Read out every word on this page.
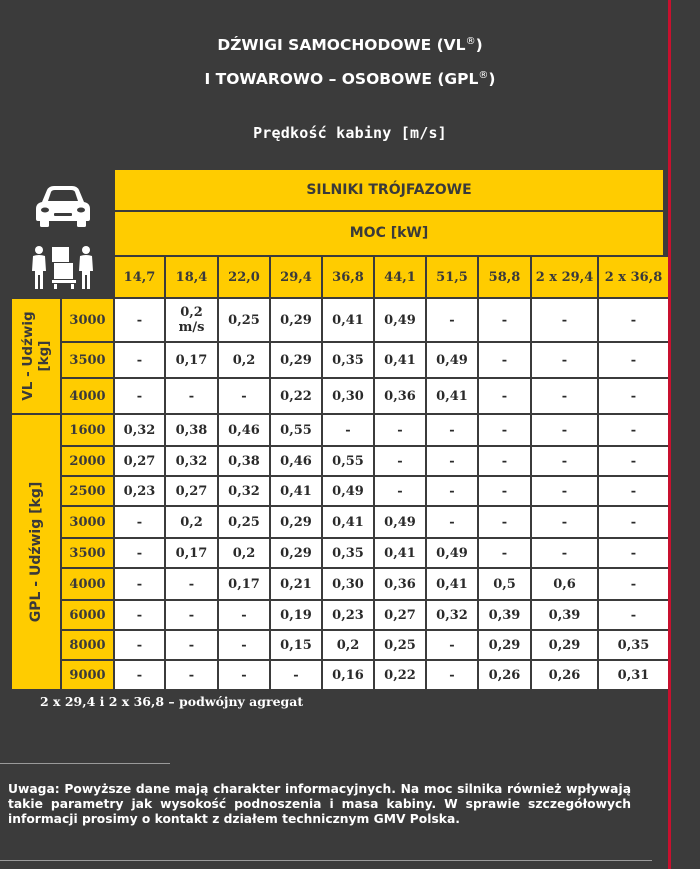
DŹWIGI SAMOCHODOWE (VL®)
I TOWAROWO – OSOBOWE (GPL®)
Prędkość kabiny [m/s]
SILNIKI TRÓJFAZOWE
MOC [kW]
		14,7	18,4	22,0	29,4	36,8	44,1	51,5	58,8	2 x 29,4	2 x 36,8

VL - Udźwig [kg]	3000	-	0,2 m/s	0,25	0,29	0,41	0,49	-	-	-	-
	3500	-	0,17	0,2	0,29	0,35	0,41	0,49	-	-	-
	4000	-	-	-	0,22	0,30	0,36	0,41	-	-	-

GPL - Udźwig [kg]	1600	0,32	0,38	0,46	0,55	-	-	-	-	-	-
	2000	0,27	0,32	0,38	0,46	0,55	-	-	-	-	-
	2500	0,23	0,27	0,32	0,41	0,49	-	-	-	-	-
	3000	-	0,2	0,25	0,29	0,41	0,49	-	-	-	-
	3500	-	0,17	0,2	0,29	0,35	0,41	0,49	-	-	-
	4000	-	-	0,17	0,21	0,30	0,36	0,41	0,5	0,6	-
	6000	-	-	-	0,19	0,23	0,27	0,32	0,39	0,39	-
	8000	-	-	-	0,15	0,2	0,25	-	0,29	0,29	0,35
	9000	-	-	-	-	0,16	0,22	-	0,26	0,26	0,31
2 x 29,4 i 2 x 36,8 – podwójny agregat
Uwaga: Powyższe dane mają charakter informacyjnych. Na moc silnika również wpływają takie parametry jak wysokość podnoszenia i masa kabiny. W sprawie szczegółowych informacji prosimy o kontakt z działem technicznym GMV Polska.
